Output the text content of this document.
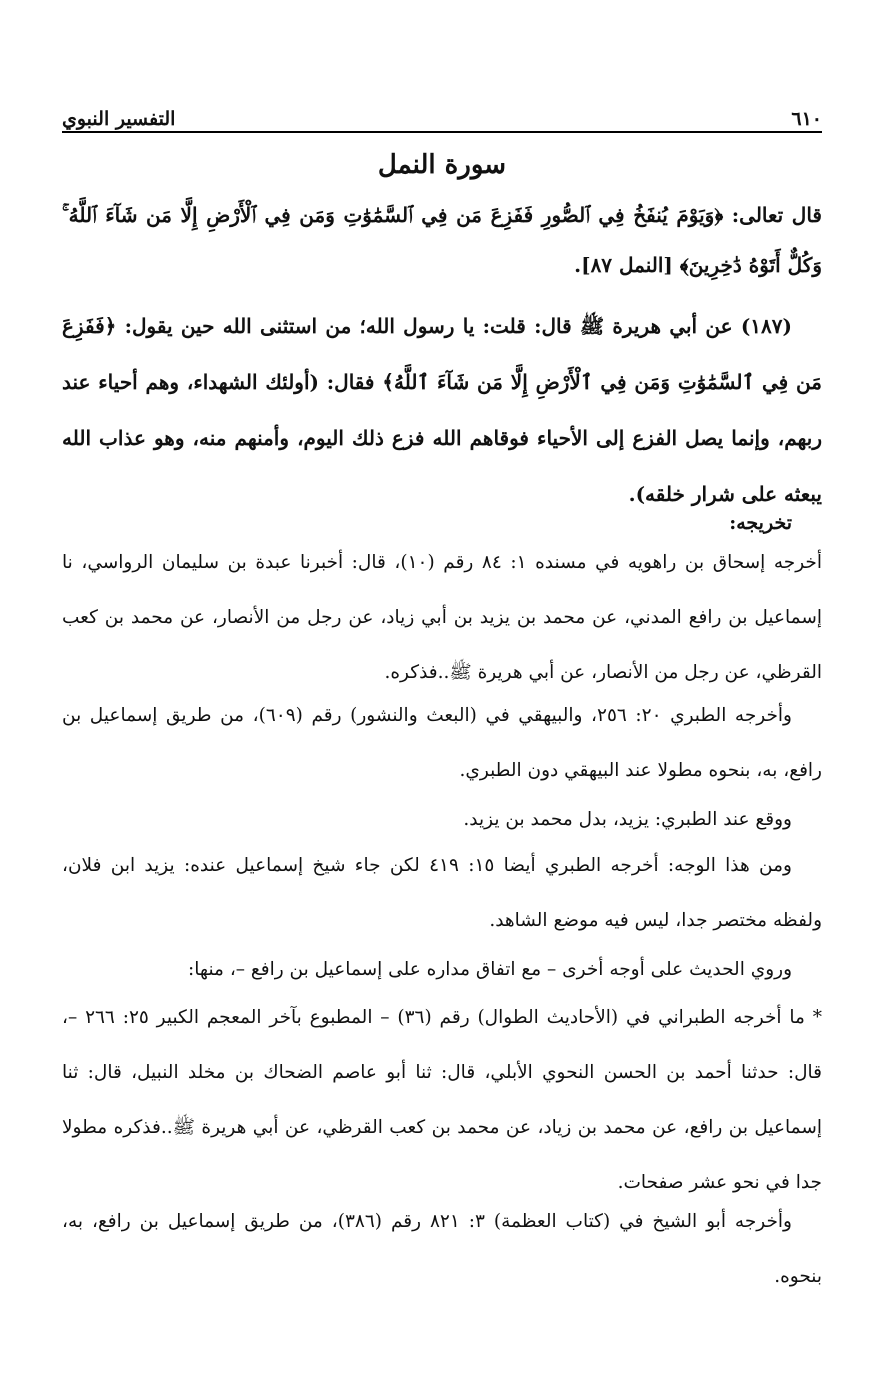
٦١٠
التفسير النبوي
سورة النمل
قال تعالى: ﴿وَيَوْمَ يُنفَخُ فِي ٱلصُّورِ فَفَزِعَ مَن فِي ٱلسَّمَٰوَٰتِ وَمَن فِي ٱلْأَرْضِ إِلَّا مَن شَآءَ ٱللَّهُ ۚ وَكُلٌّ أَتَوْهُ دَٰخِرِينَ﴾ [النمل ٨٧].
(١٨٧) عن أبي هريرة ﷺ قال: قلت: يا رسول الله؛ من استثنى الله حين يقول: ﴿فَفَزِعَ مَن فِي ٱلسَّمَٰوَٰتِ وَمَن فِي ٱلْأَرْضِ إِلَّا مَن شَآءَ ٱللَّهُ﴾ فقال: (أولئك الشهداء، وهم أحياء عند ربهم، وإنما يصل الفزع إلى الأحياء فوقاهم الله فزع ذلك اليوم، وأمنهم منه، وهو عذاب الله يبعثه على شرار خلقه).
تخريجه:
أخرجه إسحاق بن راهويه في مسنده ١: ٨٤ رقم (١٠)، قال: أخبرنا عبدة بن سليمان الرواسي، نا إسماعيل بن رافع المدني، عن محمد بن يزيد بن أبي زياد، عن رجل من الأنصار، عن محمد بن كعب القرظي، عن رجل من الأنصار، عن أبي هريرة ﷺ..فذكره.
وأخرجه الطبري ٢٠: ٢٥٦، والبيهقي في (البعث والنشور) رقم (٦٠٩)، من طريق إسماعيل بن رافع، به، بنحوه مطولا عند البيهقي دون الطبري.
ووقع عند الطبري: يزيد، بدل محمد بن يزيد.
ومن هذا الوجه: أخرجه الطبري أيضا ١٥: ٤١٩ لكن جاء شيخ إسماعيل عنده: يزيد ابن فلان، ولفظه مختصر جدا، ليس فيه موضع الشاهد.
وروي الحديث على أوجه أخرى – مع اتفاق مداره على إسماعيل بن رافع –، منها:
* ما أخرجه الطبراني في (الأحاديث الطوال) رقم (٣٦) – المطبوع بآخر المعجم الكبير ٢٥: ٢٦٦ –، قال: حدثنا أحمد بن الحسن النحوي الأبلي، قال: ثنا أبو عاصم الضحاك بن مخلد النبيل، قال: ثنا إسماعيل بن رافع، عن محمد بن زياد، عن محمد بن كعب القرظي، عن أبي هريرة ﷺ..فذكره مطولا جدا في نحو عشر صفحات.
وأخرجه أبو الشيخ في (كتاب العظمة) ٣: ٨٢١ رقم (٣٨٦)، من طريق إسماعيل بن رافع، به، بنحوه.
